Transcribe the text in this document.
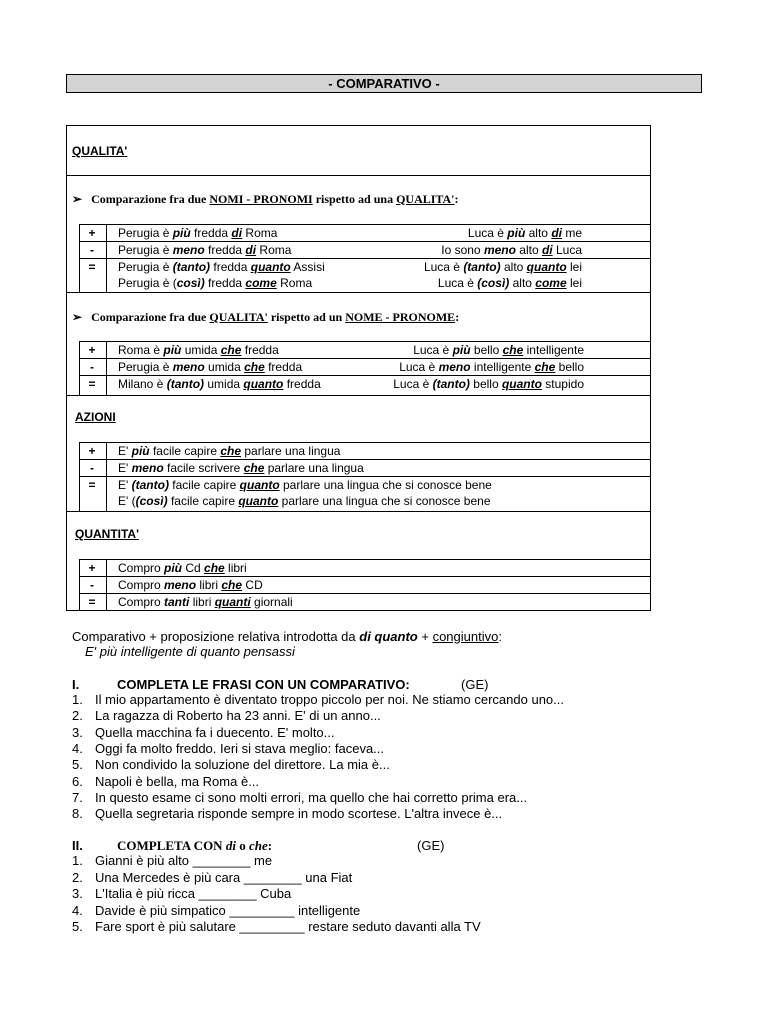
- COMPARATIVO -
QUALITA'
➢ Comparazione fra due NOMI - PRONOMI rispetto ad una QUALITA':
➢ Comparazione fra due QUALITA' rispetto ad un NOME - PRONOME:
AZIONI
QUANTITA'
Comparativo + proposizione relativa introdotta da di quanto + congiuntivo:
E' più intelligente di quanto pensassi
I.	COMPLETA LE FRASI CON UN COMPARATIVO:	(GE)
II.	COMPLETA CON di o che:	(GE)
+	Perugia è più fredda di Roma	Luca è più alto di me
-	Perugia è meno fredda di Roma	Io sono meno alto di Luca
=	Perugia è (tanto) fredda quanto Assisi	Luca è (tanto) alto quanto lei
Perugia è (così) fredda come Roma	Luca è (così) alto come lei
+	Roma è più umida che fredda	Luca è più bello che intelligente
-	Perugia è meno umida che fredda	Luca è meno intelligente che bello
=	Milano è (tanto) umida quanto fredda	Luca è (tanto) bello quanto stupido
+	E' più facile capire che parlare una lingua
-	E' meno facile scrivere che parlare una lingua
=	E' (tanto) facile capire quanto parlare una lingua che si conosce bene
E' ((così) facile capire quanto parlare una lingua che si conosce bene
+	Compro più Cd che libri
-	Compro meno libri che CD
=	Compro tanti libri quanti giornali
1. Il mio appartamento è diventato troppo piccolo per noi. Ne stiamo cercando uno...
2. La ragazza di Roberto ha 23 anni. E' di un anno...
3. Quella macchina fa i duecento. E' molto...
4. Oggi fa molto freddo. Ieri si stava meglio: faceva...
5. Non condivido la soluzione del direttore. La mia è...
6. Napoli è bella, ma Roma è...
7. In questo esame ci sono molti errori, ma quello che hai corretto prima era...
8. Quella segretaria risponde sempre in modo scortese. L'altra invece è...
1. Gianni è più alto ________ me
2. Una Mercedes è più cara ________ una Fiat
3. L'Italia è più ricca ________ Cuba
4. Davide è più simpatico _________ intelligente
5. Fare sport è più salutare _________ restare seduto davanti alla TV
